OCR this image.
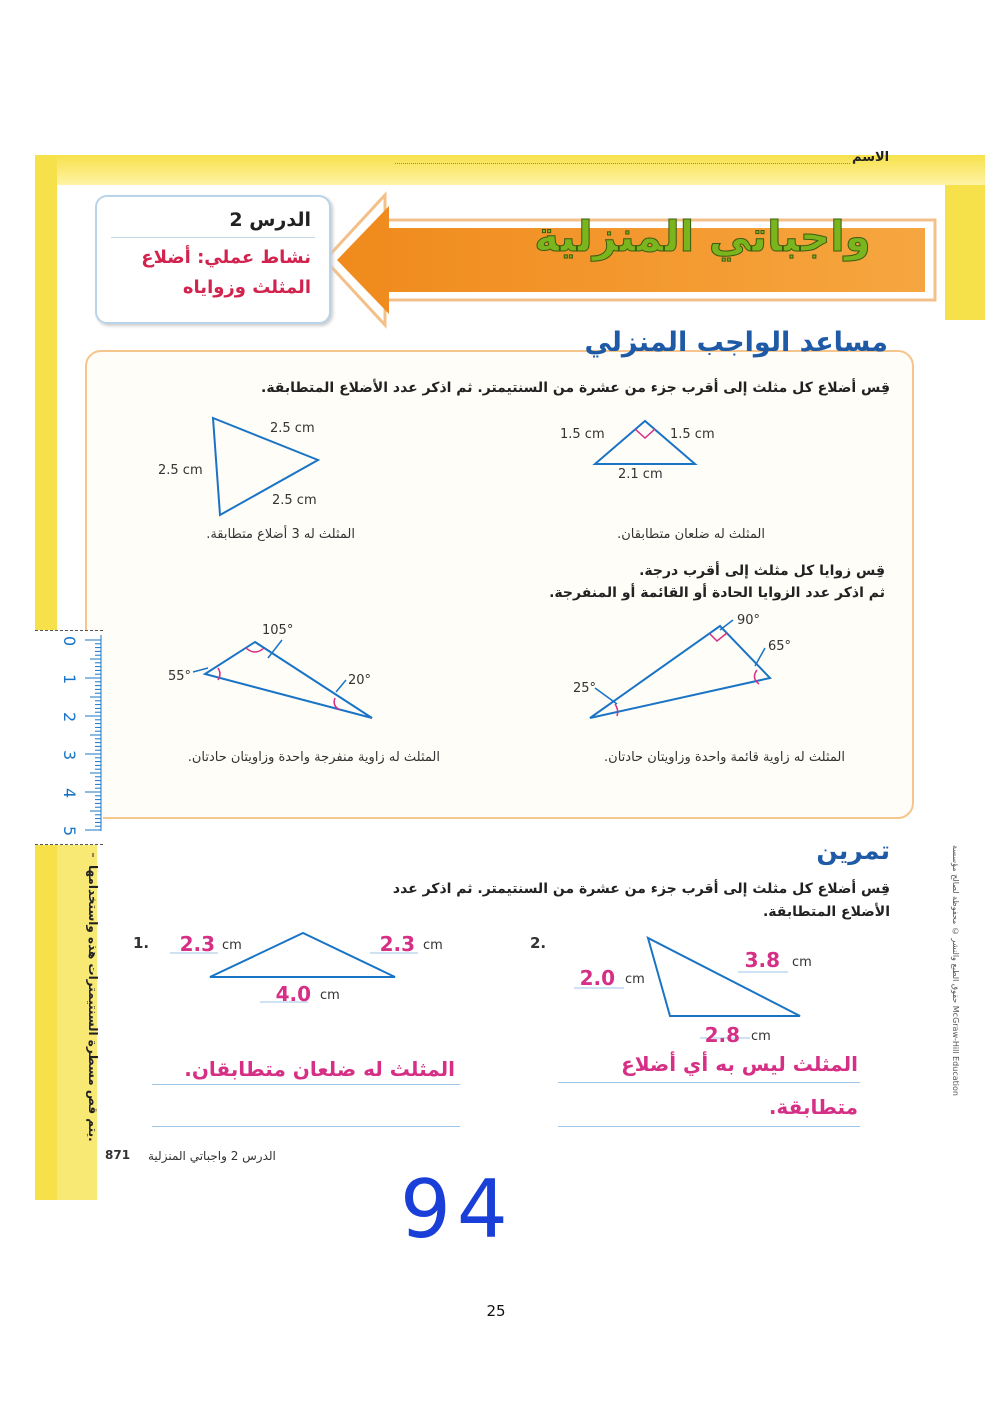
الاسم
واجباتي المنزلية
الدرس 2
نشاط عملي: أضلاع المثلث وزواياه
مساعد الواجب المنزلي
قِس أضلاع كل مثلث إلى أقرب جزء من عشرة من السنتيمتر. ثم اذكر عدد الأضلاع المتطابقة.
1.5 cm	1.5 cm
2.1 cm
المثلث له ضلعان متطابقان.
2.5 cm
2.5 cm
2.5 cm
المثلث له 3 أضلاع متطابقة.
قِس زوايا كل مثلث إلى أقرب درجة.
ثم اذكر عدد الزوايا الحادة أو القائمة أو المنفرجة.
90°
65°
25°
المثلث له زاوية قائمة واحدة وزاويتان حادتان.
105°
55°	20°
المثلث له زاوية منفرجة واحدة وزاويتان حادتان.
0
1
2
3
4
5
يتم قص مسطرة السنتيمترات هذه واستخدامها.
تمرين
قِس أضلاع كل مثلث إلى أقرب جزء من عشرة من السنتيمتر. ثم اذكر عدد الأضلاع المتطابقة.
1.	2.3 cm	2.3 cm
4.0 cm
المثلث له ضلعان متطابقان.
2.
2.0 cm
3.8 cm
2.8 cm
المثلث ليس به أي أضلاع
متطابقة.
حقوق الطبع والنشر © محفوظة لصالح مؤسسة McGraw-Hill Education
871 الدرس 2 واجباتي المنزلية
94
25
